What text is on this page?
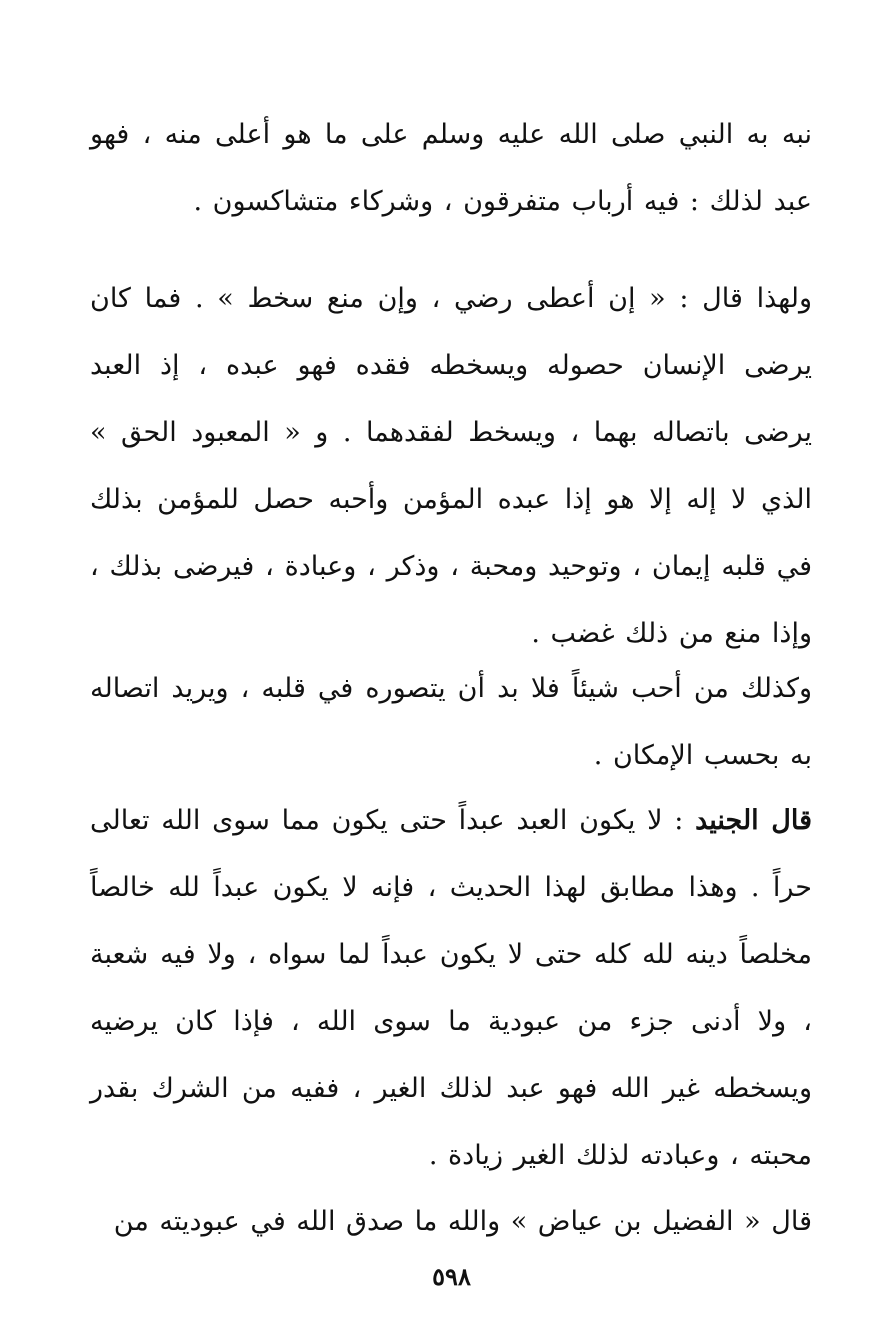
نبه به النبي صلى الله عليه وسلم على ما هو أعلى منه ، فهو عبد لذلك : فيه أرباب متفرقون ، وشركاء متشاكسون .

ولهذا قال : « إن أعطى رضي ، وإن منع سخط » . فما كان يرضى الإنسان حصوله ويسخطه فقده فهو عبده ، إذ العبد يرضى باتصاله بهما ، ويسخط لفقدهما . و « المعبود الحق » الذي لا إله إلا هو إذا عبده المؤمن وأحبه حصل للمؤمن بذلك في قلبه إيمان ، وتوحيد ومحبة ، وذكر ، وعبادة ، فيرضى بذلك ، وإذا منع من ذلك غضب .

وكذلك من أحب شيئاً فلا بد أن يتصوره في قلبه ، ويريد اتصاله به بحسب الإمكان .

قال الجنيد : لا يكون العبد عبداً حتى يكون مما سوى الله تعالى حراً . وهذا مطابق لهذا الحديث ، فإنه لا يكون عبداً لله خالصاً مخلصاً دينه لله كله حتى لا يكون عبداً لما سواه ، ولا فيه شعبة ، ولا أدنى جزء من عبودية ما سوى الله ، فإذا كان يرضيه ويسخطه غير الله فهو عبد لذلك الغير ، ففيه من الشرك بقدر محبته ، وعبادته لذلك الغير زيادة .

قال « الفضيل بن عياض » والله ما صدق الله في عبوديته من

٥٩٨
